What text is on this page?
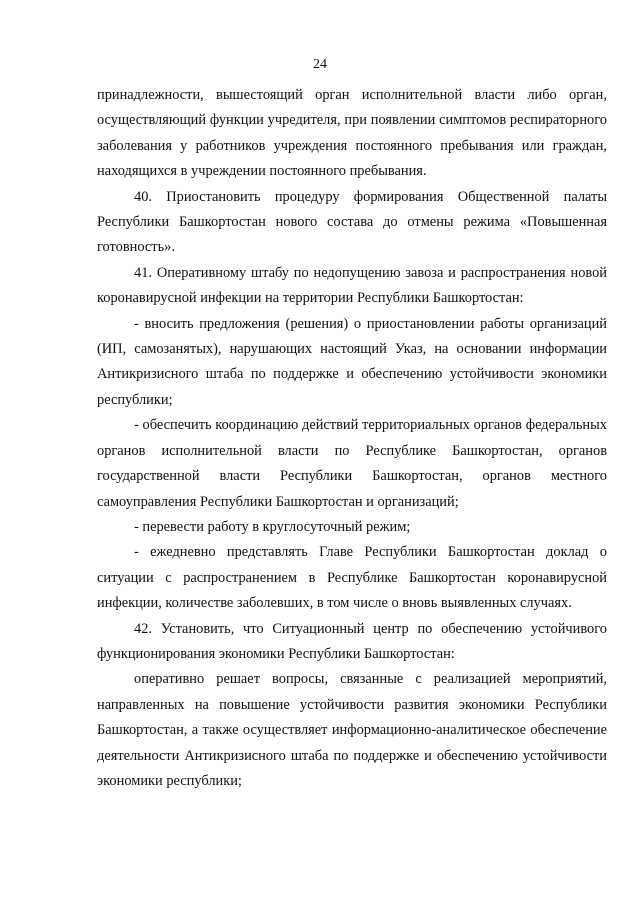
24

принадлежности, вышестоящий орган исполнительной власти либо орган, осуществляющий функции учредителя, при появлении симптомов респираторного заболевания у работников учреждения постоянного пребывания или граждан, находящихся в учреждении постоянного пребывания.

40. Приостановить процедуру формирования Общественной палаты Республики Башкортостан нового состава до отмены режима «Повышенная готовность».

41. Оперативному штабу по недопущению завоза и распространения новой коронавирусной инфекции на территории Республики Башкортостан:

- вносить предложения (решения) о приостановлении работы организаций (ИП, самозанятых), нарушающих настоящий Указ, на основании информации Антикризисного штаба по поддержке и обеспечению устойчивости экономики республики;

- обеспечить координацию действий территориальных органов федеральных органов исполнительной власти по Республике Башкортостан, органов государственной власти Республики Башкортостан, органов местного самоуправления Республики Башкортостан и организаций;

- перевести работу в круглосуточный режим;

- ежедневно представлять Главе Республики Башкортостан доклад о ситуации с распространением в Республике Башкортостан коронавирусной инфекции, количестве заболевших, в том числе о вновь выявленных случаях.

42. Установить, что Ситуационный центр по обеспечению устойчивого функционирования экономики Республики Башкортостан:

оперативно решает вопросы, связанные с реализацией мероприятий, направленных на повышение устойчивости развития экономики Республики Башкортостан, а также осуществляет информационно-аналитическое обеспечение деятельности Антикризисного штаба по поддержке и обеспечению устойчивости экономики республики;
